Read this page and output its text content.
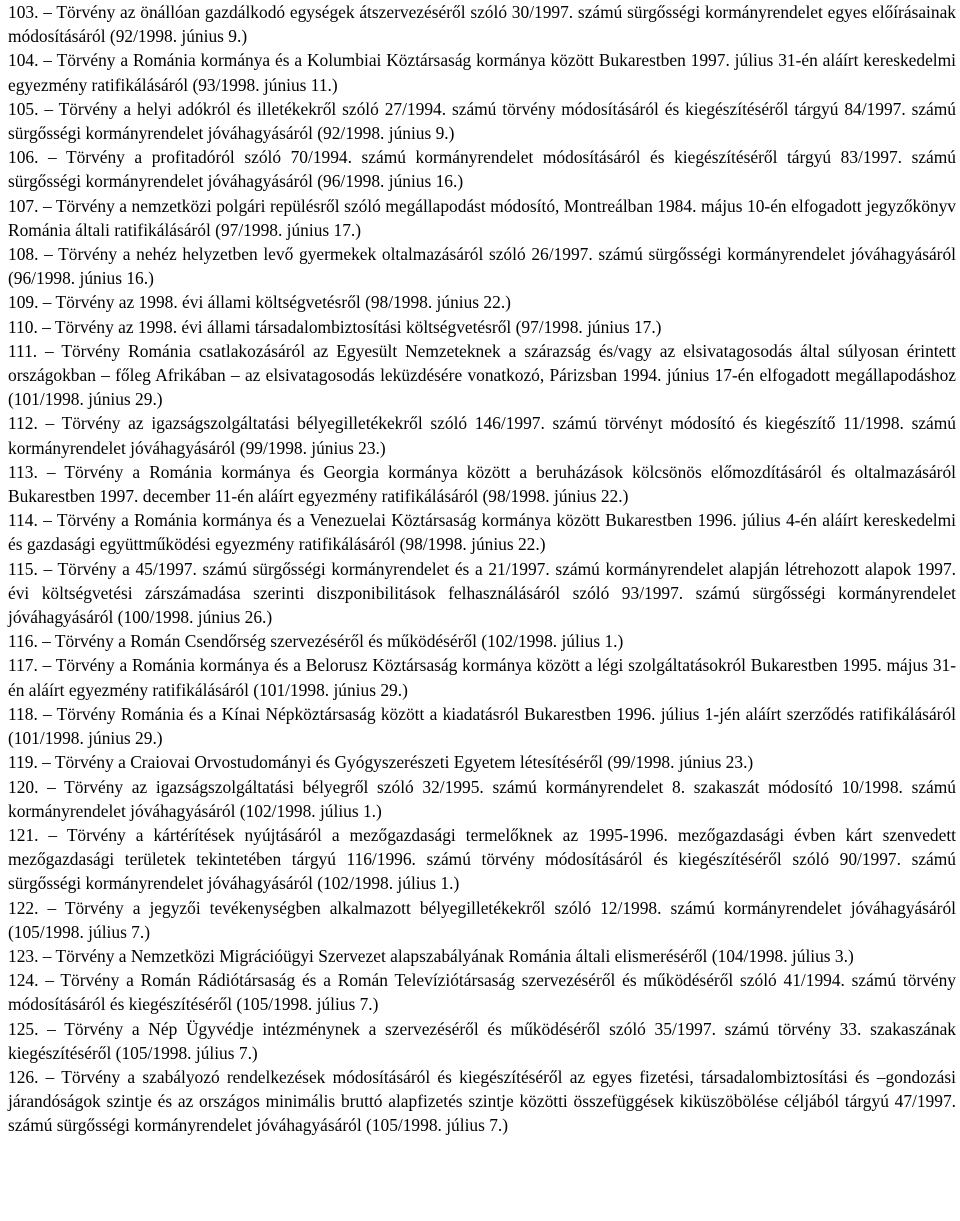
103. – Törvény az önállóan gazdálkodó egységek átszervezéséről szóló 30/1997. számú sürgősségi kormányrendelet egyes előírásainak módosításáról (92/1998. június 9.)

104. – Törvény a Románia kormánya és a Kolumbiai Köztársaság kormánya között Bukarestben 1997. július 31-én aláírt kereskedelmi egyezmény ratifikálásáról (93/1998. június 11.)

105. – Törvény a helyi adókról és illetékekről szóló 27/1994. számú törvény módosításáról és kiegészítéséről tárgyú 84/1997. számú sürgősségi kormányrendelet jóváhagyásáról (92/1998. június 9.)

106. – Törvény a profitadóról szóló 70/1994. számú kormányrendelet módosításáról és kiegészítéséről tárgyú 83/1997. számú sürgősségi kormányrendelet jóváhagyásáról (96/1998. június 16.)

107. – Törvény a nemzetközi polgári repülésről szóló megállapodást módosító, Montreálban 1984. május 10-én elfogadott jegyzőkönyv Románia általi ratifikálásáról (97/1998. június 17.)

108. – Törvény a nehéz helyzetben levő gyermekek oltalmazásáról szóló 26/1997. számú sürgősségi kormányrendelet jóváhagyásáról (96/1998. június 16.)

109. – Törvény az 1998. évi állami költségvetésről (98/1998. június 22.)

110. – Törvény az 1998. évi állami társadalombiztosítási költségvetésről (97/1998. június 17.)

111. – Törvény Románia csatlakozásáról az Egyesült Nemzeteknek a szárazság és/vagy az elsivatagosodás által súlyosan érintett országokban – főleg Afrikában – az elsivatagosodás leküzdésére vonatkozó, Párizsban 1994. június 17-én elfogadott megállapodáshoz (101/1998. június 29.)

112. – Törvény az igazságszolgáltatási bélyegilletékekről szóló 146/1997. számú törvényt módosító és kiegészítő 11/1998. számú kormányrendelet jóváhagyásáról (99/1998. június 23.)

113. – Törvény a Románia kormánya és Georgia kormánya között a beruházások kölcsönös előmozdításáról és oltalmazásáról Bukarestben 1997. december 11-én aláírt egyezmény ratifikálásáról (98/1998. június 22.)

114. – Törvény a Románia kormánya és a Venezuelai Köztársaság kormánya között Bukarestben 1996. július 4-én aláírt kereskedelmi és gazdasági együttműködési egyezmény ratifikálásáról (98/1998. június 22.)

115. – Törvény a 45/1997. számú sürgősségi kormányrendelet és a 21/1997. számú kormányrendelet alapján létrehozott alapok 1997. évi költségvetési zárszámadása szerinti diszponibilitások felhasználásáról szóló 93/1997. számú sürgősségi kormányrendelet jóváhagyásáról (100/1998. június 26.)

116. – Törvény a Román Csendőrség szervezéséről és működéséről (102/1998. július 1.)

117. – Törvény a Románia kormánya és a Belorusz Köztársaság kormánya között a légi szolgáltatásokról Bukarestben 1995. május 31-én aláírt egyezmény ratifikálásáról (101/1998. június 29.)

118. – Törvény Románia és a Kínai Népköztársaság között a kiadatásról Bukarestben 1996. július 1-jén aláírt szerződés ratifikálásáról (101/1998. június 29.)

119. – Törvény a Craiovai Orvostudományi és Gyógyszerészeti Egyetem létesítéséről (99/1998. június 23.)

120. – Törvény az igazságszolgáltatási bélyegről szóló 32/1995. számú kormányrendelet 8. szakaszát módosító 10/1998. számú kormányrendelet jóváhagyásáról (102/1998. július 1.)

121. – Törvény a kártérítések nyújtásáról a mezőgazdasági termelőknek az 1995-1996. mezőgazdasági évben kárt szenvedett mezőgazdasági területek tekintetében tárgyú 116/1996. számú törvény módosításáról és kiegészítéséről szóló 90/1997. számú sürgősségi kormányrendelet jóváhagyásáról (102/1998. július 1.)

122. – Törvény a jegyzői tevékenységben alkalmazott bélyegilletékekről szóló 12/1998. számú kormányrendelet jóváhagyásáról (105/1998. július 7.)

123. – Törvény a Nemzetközi Migrációügyi Szervezet alapszabályának Románia általi elismeréséről (104/1998. július 3.)

124. – Törvény a Román Rádiótársaság és a Román Televíziótársaság szervezéséről és működéséről szóló 41/1994. számú törvény módosításáról és kiegészítéséről (105/1998. július 7.)

125. – Törvény a Nép Ügyvédje intézménynek a szervezéséről és működéséről szóló 35/1997. számú törvény 33. szakaszának kiegészítéséről (105/1998. július 7.)

126. – Törvény a szabályozó rendelkezések módosításáról és kiegészítéséről az egyes fizetési, társadalombiztosítási és –gondozási járandóságok szintje és az országos minimális bruttó alapfizetés szintje közötti összefüggések kiküszöbölése céljából tárgyú 47/1997. számú sürgősségi kormányrendelet jóváhagyásáról (105/1998. július 7.)
